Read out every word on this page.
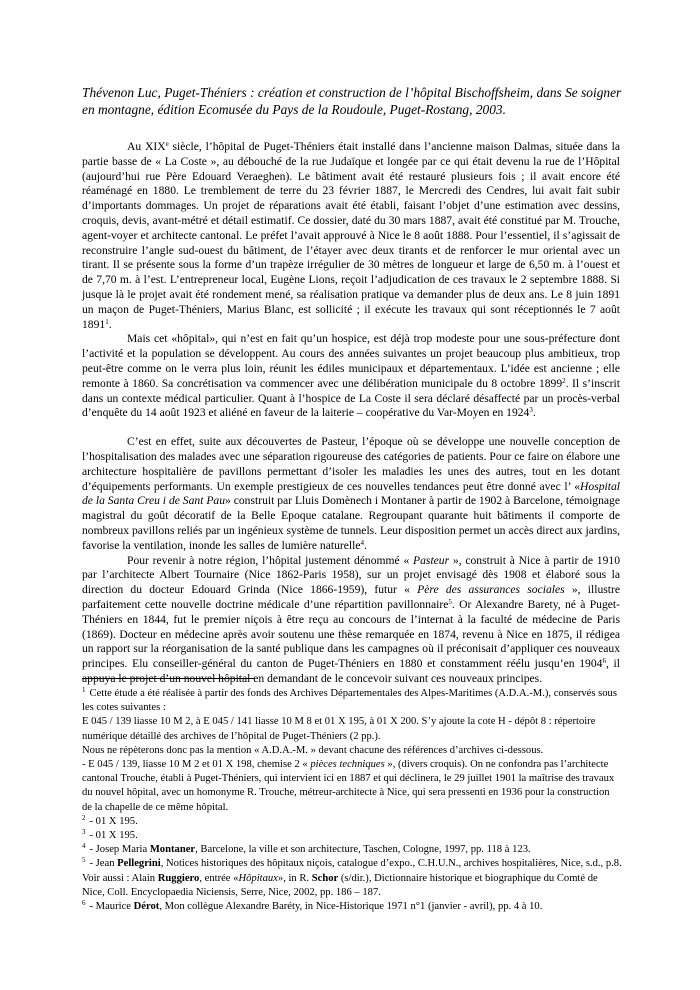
Thévenon Luc, Puget-Théniers : création et construction de l’hôpital Bischoffsheim, dans Se soigner en montagne, édition Ecomusée du Pays de la Roudoule, Puget-Rostang, 2003.

Au XIXe siècle, l’hôpital de Puget-Théniers était installé dans l’ancienne maison Dalmas, située dans la partie basse de « La Coste », au débouché de la rue Judaïque et longée par ce qui était devenu la rue de l’Hôpital (aujourd’hui rue Père Edouard Veraeghen). Le bâtiment avait été restauré plusieurs fois ; il avait encore été réaménagé en 1880. Le tremblement de terre du 23 février 1887, le Mercredi des Cendres, lui avait fait subir d’importants dommages. Un projet de réparations avait été établi, faisant l’objet d’une estimation avec dessins, croquis, devis, avant-métré et détail estimatif. Ce dossier, daté du 30 mars 1887, avait été constitué par M. Trouche, agent-voyer et architecte cantonal. Le préfet l’avait approuvé à Nice le 8 août 1888. Pour l’essentiel, il s’agissait de reconstruire l’angle sud-ouest du bâtiment, de l’étayer avec deux tirants et de renforcer le mur oriental avec un tirant. Il se présente sous la forme d’un trapèze irrégulier de 30 mètres de longueur et large de 6,50 m. à l’ouest et de 7,70 m. à l’est. L’entrepreneur local, Eugène Lions, reçoit l’adjudication de ces travaux le 2 septembre 1888. Si jusque là le projet avait été rondement mené, sa réalisation pratique va demander plus de deux ans. Le 8 juin 1891 un maçon de Puget-Théniers, Marius Blanc, est sollicité ; il exécute les travaux qui sont réceptionnés le 7 août 1891$^1$.

Mais cet «hôpital», qui n’est en fait qu’un hospice, est déjà trop modeste pour une sous-préfecture dont l’activité et la population se développent. Au cours des années suivantes un projet beaucoup plus ambitieux, trop peut-être comme on le verra plus loin, réunit les édiles municipaux et départementaux. L’idée est ancienne ; elle remonte à 1860. Sa concrétisation va commencer avec une délibération municipale du 8 octobre 1899$^2$. Il s’inscrit dans un contexte médical particulier. Quant à l’hospice de La Coste il sera déclaré désaffecté par un procès-verbal d’enquête du 14 août 1923 et aliéné en faveur de la laiterie – coopérative du Var-Moyen en 1924$^3$.

C’est en effet, suite aux découvertes de Pasteur, l’époque où se développe une nouvelle conception de l’hospitalisation des malades avec une séparation rigoureuse des catégories de patients. Pour ce faire on élabore une architecture hospitalière de pavillons permettant d’isoler les maladies les unes des autres, tout en les dotant d’équipements performants. Un exemple prestigieux de ces nouvelles tendances peut être donné avec l’ «Hospital de la Santa Creu i de Sant Pau» construit par Lluis Domènech i Montaner à partir de 1902 à Barcelone, témoignage magistral du goût décoratif de la Belle Epoque catalane. Regroupant quarante huit bâtiments il comporte de nombreux pavillons reliés par un ingénieux système de tunnels. Leur disposition permet un accès direct aux jardins, favorise la ventilation, inonde les salles de lumière naturelle$^4$.

Pour revenir à notre région, l’hôpital justement dénommé « Pasteur », construit à Nice à partir de 1910 par l’architecte Albert Tournaire (Nice 1862-Paris 1958), sur un projet envisagé dès 1908 et élaboré sous la direction du docteur Edouard Grinda (Nice 1866-1959), futur « Père des assurances sociales », illustre parfaitement cette nouvelle doctrine médicale d’une répartition pavillonnaire$^5$. Or Alexandre Barety, né à Puget-Théniers en 1844, fut le premier niçois à être reçu au concours de l’internat à la faculté de médecine de Paris (1869). Docteur en médecine après avoir soutenu une thèse remarquée en 1874, revenu à Nice en 1875, il rédigea un rapport sur la réorganisation de la santé publique dans les campagnes où il préconisait d’appliquer ces nouveaux principes. Elu conseiller-général du canton de Puget-Théniers en 1880 et constamment réélu jusqu’en 1904$^6$, il appuya le projet d’un nouvel hôpital en demandant de le concevoir suivant ces nouveaux principes.

$^1$ Cette étude a été réalisée à partir des fonds des Archives Départementales des Alpes-Maritimes (A.D.A.-M.), conservés sous les cotes suivantes :

E 045 / 139 liasse 10 M 2, à E 045 / 141 liasse 10 M 8 et 01 X 195, à 01 X 200. S’y ajoute la cote H - dépôt 8 : répertoire numérique détaillé des archives de l’hôpital de Puget-Théniers (2 pp.).

Nous ne répèterons donc pas la mention « A.D.A.-M. » devant chacune des références d’archives ci-dessous.

- E 045 / 139, liasse 10 M 2 et 01 X 198, chemise 2 « pièces techniques », (divers croquis). On ne confondra pas l’architecte cantonal Trouche, établi à Puget-Théniers, qui intervient ici en 1887 et qui déclinera, le 29 juillet 1901 la maîtrise des travaux du nouvel hôpital, avec un homonyme R. Trouche, métreur-architecte à Nice, qui sera pressenti en 1936 pour la construction de la chapelle de ce même hôpital.

$^2$ - 01 X 195.

$^3$ - 01 X 195.

$^4$ - Josep Maria Montaner, Barcelone, la ville et son architecture, Taschen, Cologne, 1997, pp. 118 à 123.

$^5$ - Jean Pellegrini, Notices historiques des hôpitaux niçois, catalogue d’expo., C.H.U.N., archives hospitalières, Nice, s.d., p.8. Voir aussi : Alain Ruggiero, entrée «Hôpitaux», in R. Schor (s/dir.), Dictionnaire historique et biographique du Comté de Nice, Coll. Encyclopaedia Niciensis, Serre, Nice, 2002, pp. 186 – 187.

$^6$ - Maurice Dérot, Mon collègue Alexandre Baréty, in Nice-Historique 1971 n°1 (janvier - avril), pp. 4 à 10.
